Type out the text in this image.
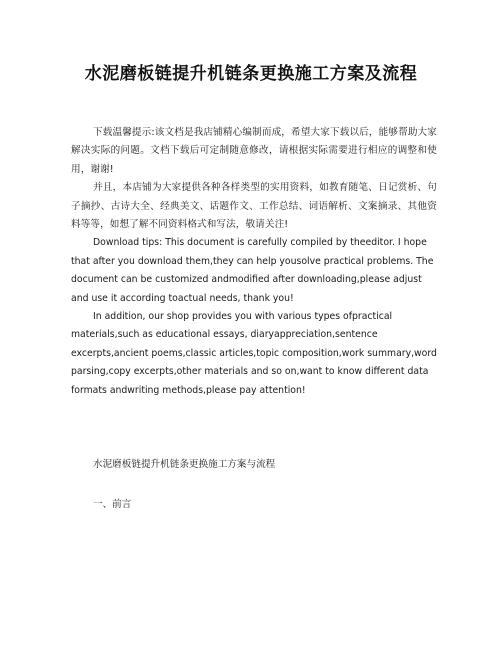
水泥磨板链提升机链条更换施工方案及流程

下载温馨提示:该文档是我店铺精心编制而成，希望大家下载以后，能够帮助大家解决实际的问题。文档下载后可定制随意修改，请根据实际需要进行相应的调整和使用，谢谢!

并且，本店铺为大家提供各种各样类型的实用资料，如教育随笔、日记赏析、句子摘抄、古诗大全、经典美文、话题作文、工作总结、词语解析、文案摘录、其他资料等等，如想了解不同资料格式和写法，敬请关注!

Download tips: This document is carefully compiled by theeditor. I hope that after you download them,they can help yousolve practical problems. The document can be customized andmodified after downloading,please adjust and use it according toactual needs, thank you!

In addition, our shop provides you with various types ofpractical materials,such as educational essays, diaryappreciation,sentence excerpts,ancient poems,classic articles,topic composition,work summary,word parsing,copy excerpts,other materials and so on,want to know different data formats andwriting methods,please pay attention!

水泥磨板链提升机链条更换施工方案与流程
一、前言
